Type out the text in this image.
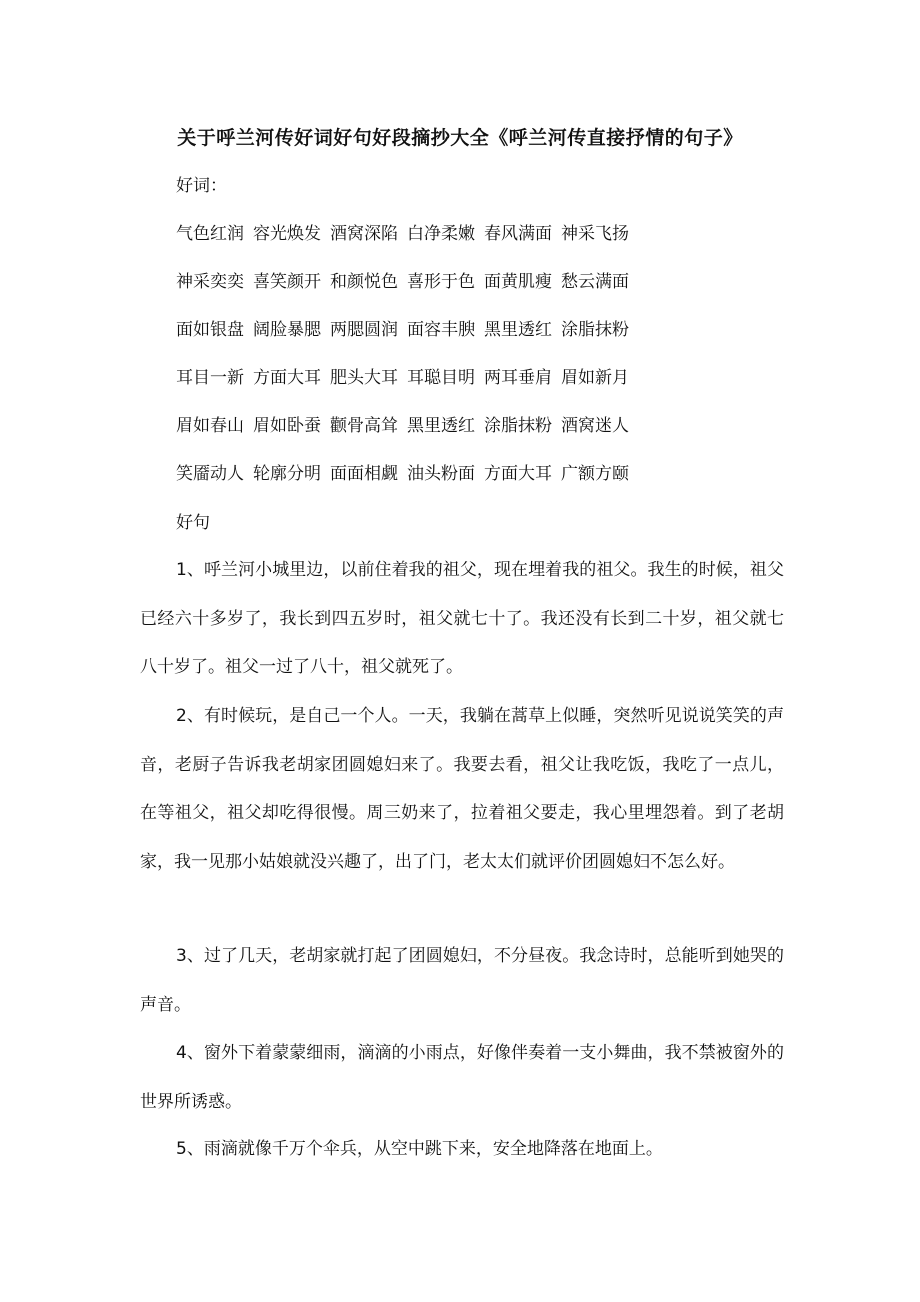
关于呼兰河传好词好句好段摘抄大全《呼兰河传直接抒情的句子》
好词：
气色红润 容光焕发 酒窝深陷 白净柔嫩 春风满面 神采飞扬
神采奕奕 喜笑颜开 和颜悦色 喜形于色 面黄肌瘦 愁云满面
面如银盘 阔脸暴腮 两腮圆润 面容丰腴 黑里透红 涂脂抹粉
耳目一新 方面大耳 肥头大耳 耳聪目明 两耳垂肩 眉如新月
眉如春山 眉如卧蚕 颧骨高耸 黑里透红 涂脂抹粉 酒窝迷人
笑靥动人 轮廓分明 面面相觑 油头粉面 方面大耳 广额方颐
好句

1、呼兰河小城里边，以前住着我的祖父，现在埋着我的祖父。我生的时候，祖父已经六十多岁了，我长到四五岁时，祖父就七十了。我还没有长到二十岁，祖父就七八十岁了。祖父一过了八十，祖父就死了。

2、有时候玩，是自己一个人。一天，我躺在蒿草上似睡，突然听见说说笑笑的声音，老厨子告诉我老胡家团圆媳妇来了。我要去看，祖父让我吃饭，我吃了一点儿，在等祖父，祖父却吃得很慢。周三奶来了，拉着祖父要走，我心里埋怨着。到了老胡家，我一见那小姑娘就没兴趣了，出了门，老太太们就评价团圆媳妇不怎么好。

3、过了几天，老胡家就打起了团圆媳妇，不分昼夜。我念诗时，总能听到她哭的声音。

4、窗外下着蒙蒙细雨，滴滴的小雨点，好像伴奏着一支小舞曲，我不禁被窗外的世界所诱惑。

5、雨滴就像千万个伞兵，从空中跳下来，安全地降落在地面上。
